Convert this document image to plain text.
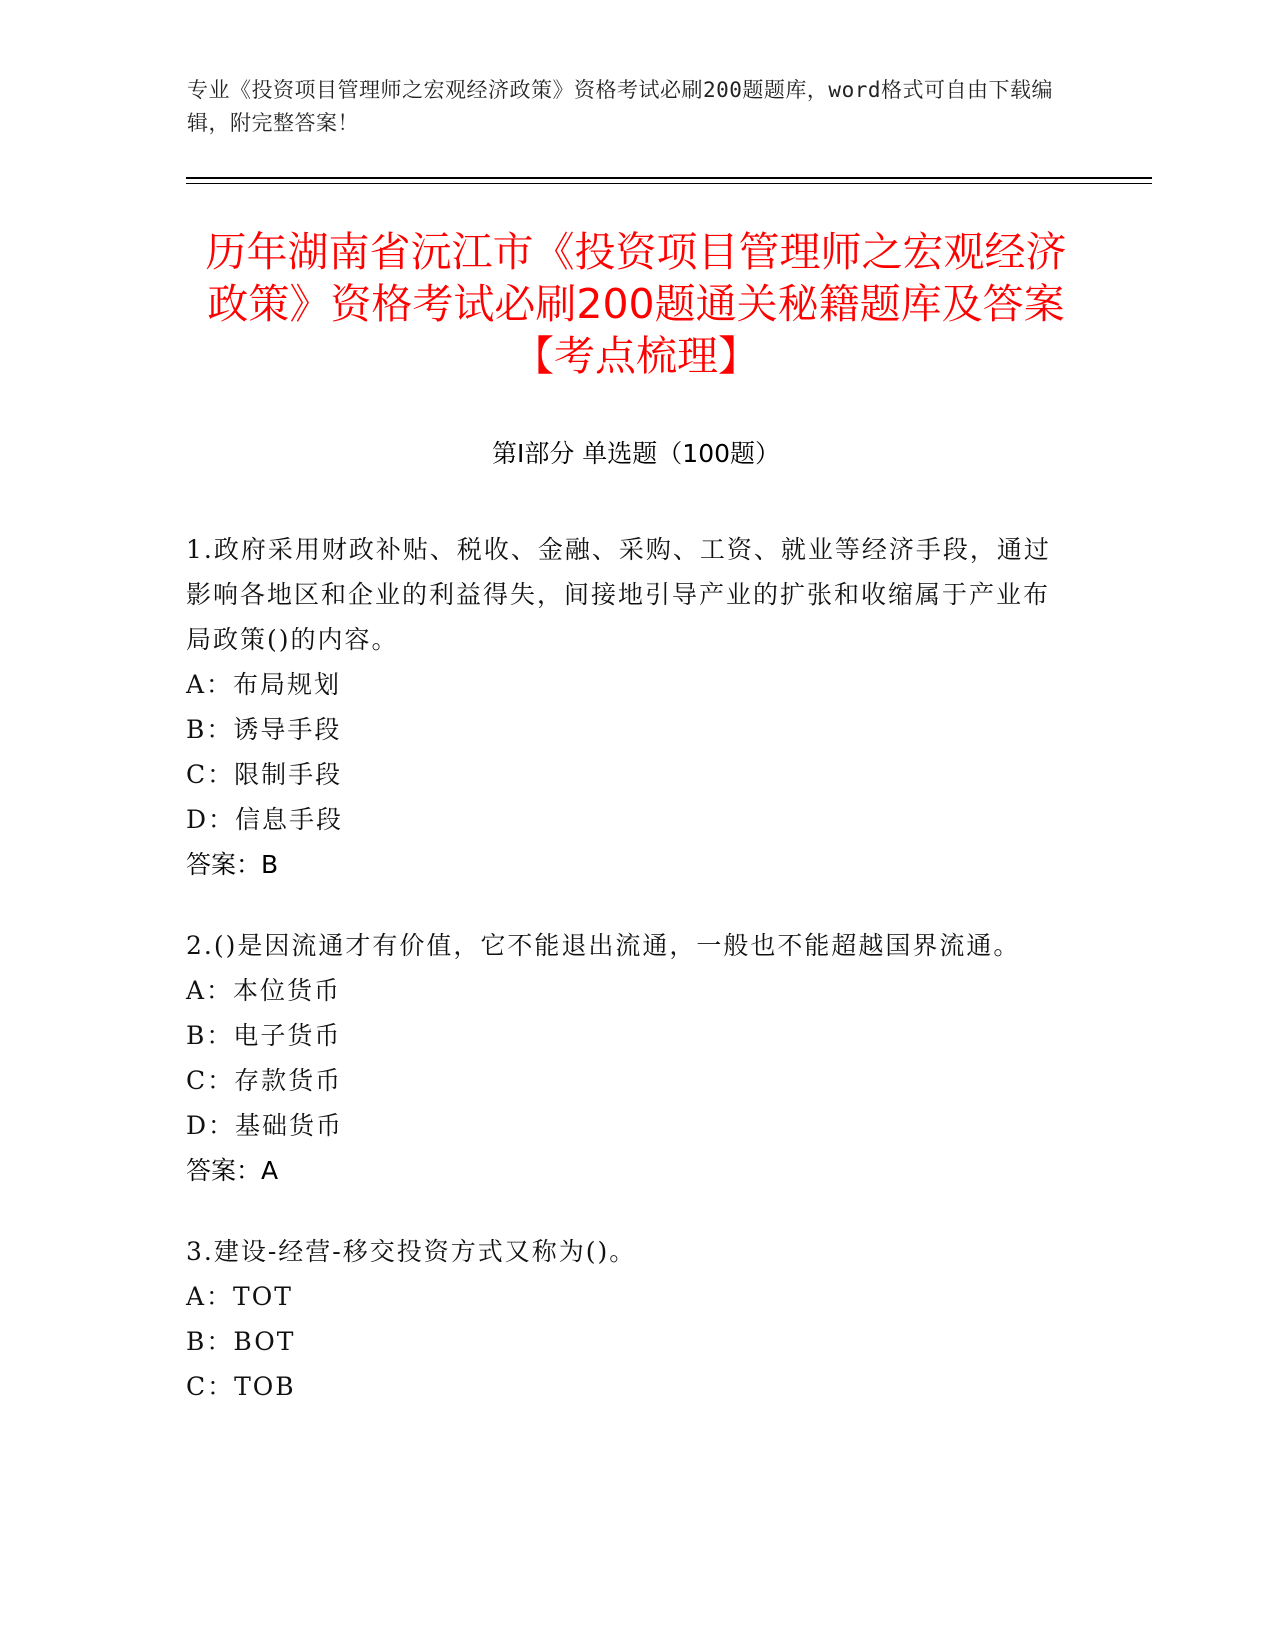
专业《投资项目管理师之宏观经济政策》资格考试必刷200题题库，word格式可自由下载编辑，附完整答案！
历年湖南省沅江市《投资项目管理师之宏观经济政策》资格考试必刷200题通关秘籍题库及答案【考点梳理】
第Ⅰ部分 单选题（100题）
1.政府采用财政补贴、税收、金融、采购、工资、就业等经济手段，通过影响各地区和企业的利益得失，间接地引导产业的扩张和收缩属于产业布局政策()的内容。
A：布局规划
B：诱导手段
C：限制手段
D：信息手段
答案：B
2.()是因流通才有价值，它不能退出流通，一般也不能超越国界流通。
A：本位货币
B：电子货币
C：存款货币
D：基础货币
答案：A
3.建设-经营-移交投资方式又称为()。
A：TOT
B：BOT
C：TOB
